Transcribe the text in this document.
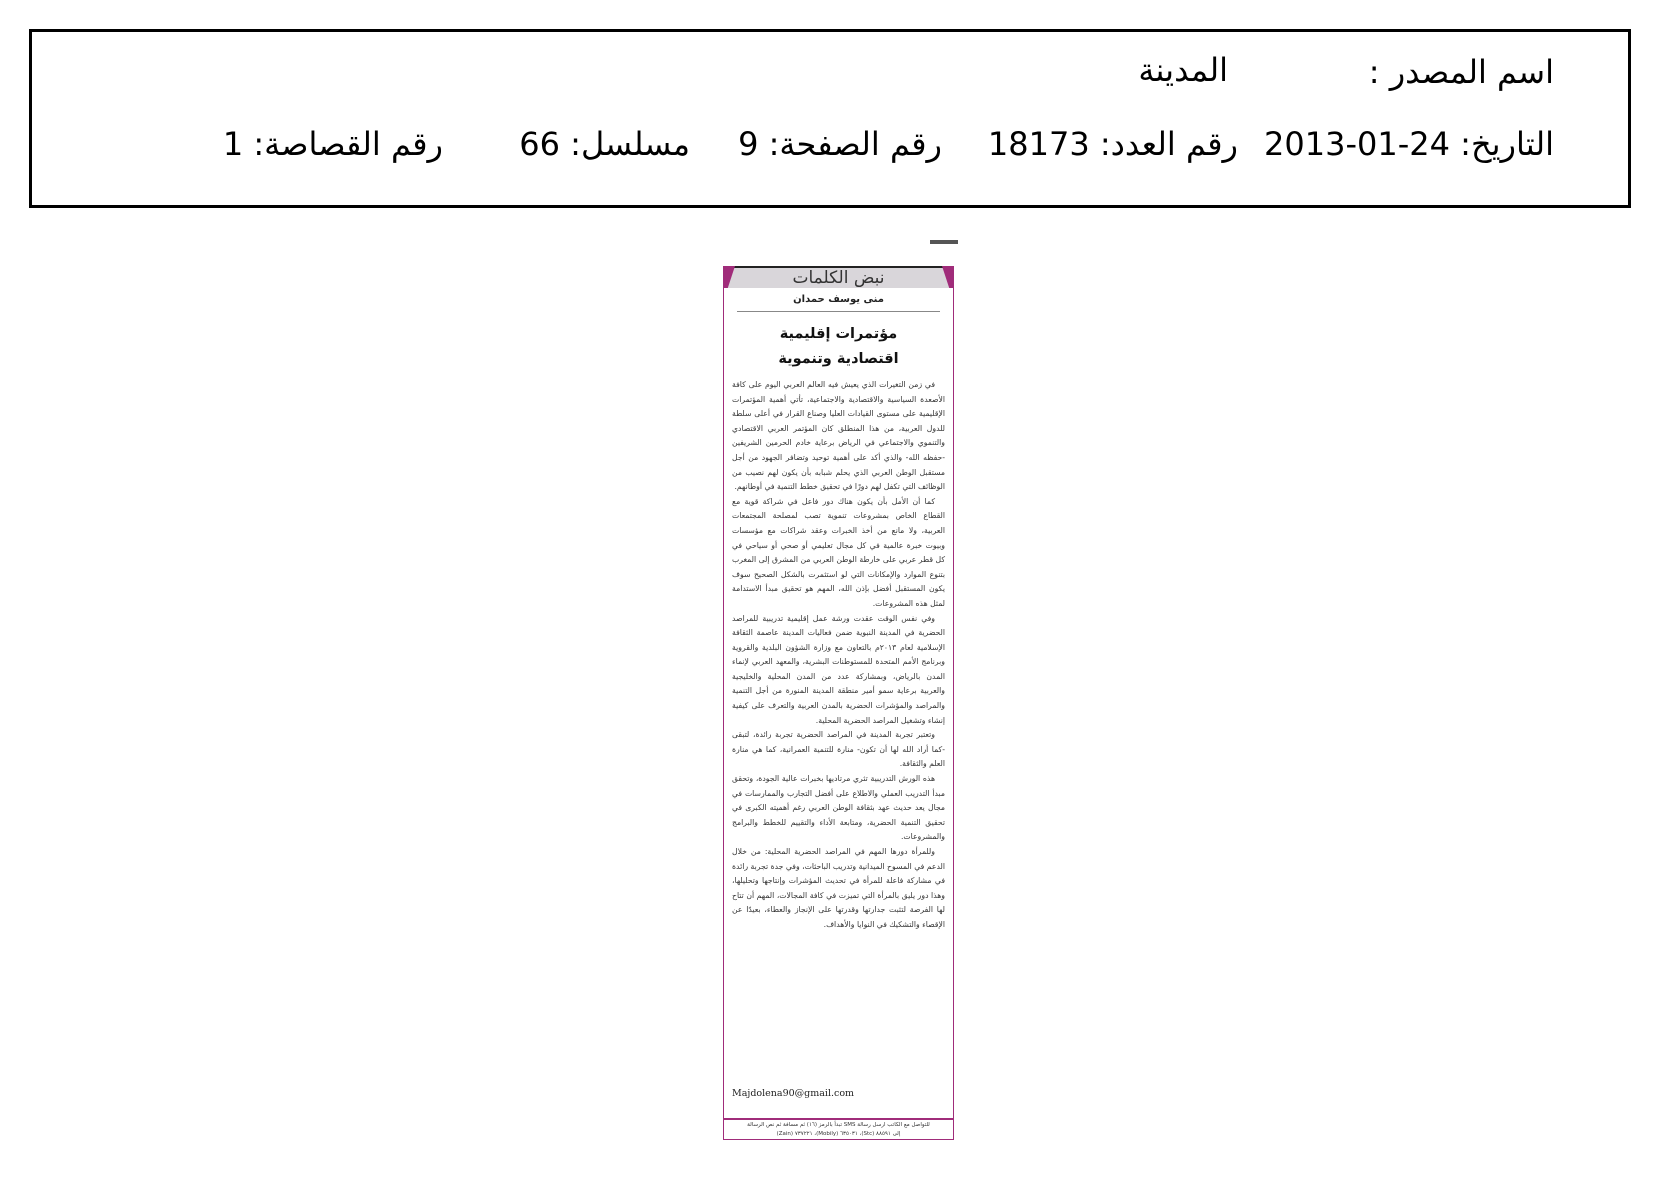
اسم المصدر :
المدينة
التاريخ: 24-01-2013
رقم العدد: 18173
رقم الصفحة: 9
مسلسل: 66
رقم القصاصة: 1
نبض الكلمات
منى يوسف حمدان
مؤتمرات إقليمية
اقتصادية وتنموية

في زمن التغيرات الذي يعيش فيه العالم العربي اليوم على كافة الأصعدة السياسية والاقتصادية والاجتماعية، تأتي أهمية المؤتمرات الإقليمية على مستوى القيادات العليا وصناع القرار في أعلى سلطة للدول العربية، من هذا المنطلق كان المؤتمر العربي الاقتصادي والتنموي والاجتماعي في الرياض برعاية خادم الحرمين الشريفين -حفظه الله- والذي أكد على أهمية توحيد وتضافر الجهود من أجل مستقبل الوطن العربي الذي يحلم شبابه بأن يكون لهم نصيب من الوظائف التي تكفل لهم دورًا في تحقيق خطط التنمية في أوطانهم.

كما أن الأمل بأن يكون هناك دور فاعل في شراكة قوية مع القطاع الخاص بمشروعات تنموية تصب لمصلحة المجتمعات العربية، ولا مانع من أخذ الخبرات وعقد شراكات مع مؤسسات وبيوت خبرة عالمية في كل مجال تعليمي أو صحي أو سياحي في كل قطر عربي على خارطة الوطن العربي من المشرق إلى المغرب بتنوع الموارد والإمكانات التي لو استثمرت بالشكل الصحيح سوف يكون المستقبل أفضل بإذن الله، المهم هو تحقيق مبدأ الاستدامة لمثل هذه المشروعات.

وفي نفس الوقت عقدت ورشة عمل إقليمية تدريبية للمراصد الحضرية في المدينة النبوية ضمن فعاليات المدينة عاصمة الثقافة الإسلامية لعام ٢٠١٣م بالتعاون مع وزارة الشؤون البلدية والقروية وبرنامج الأمم المتحدة للمستوطنات البشرية، والمعهد العربي لإنماء المدن بالرياض، وبمشاركة عدد من المدن المحلية والخليجية والعربية برعاية سمو أمير منطقة المدينة المنورة من أجل التنمية والمراصد والمؤشرات الحضرية بالمدن العربية والتعرف على كيفية إنشاء وتشغيل المراصد الحضرية المحلية.

وتعتبر تجربة المدينة في المراصد الحضرية تجربة رائدة، لتبقى -كما أراد الله لها أن تكون- منارة للتنمية العمرانية، كما هي منارة العلم والثقافة.

هذه الورش التدريبية تثري مرتاديها بخبرات عالية الجودة، وتحقق مبدأ التدريب العملي والاطلاع على أفضل التجارب والممارسات في مجال يعد حديث عهد بثقافة الوطن العربي رغم أهميته الكبرى في تحقيق التنمية الحضرية، ومتابعة الأداء والتقييم للخطط والبرامج والمشروعات.

وللمرأة دورها المهم في المراصد الحضرية المحلية: من خلال الدعم في المسوح الميدانية وتدريب الباحثات، وفي جدة تجربة رائدة في مشاركة فاعلة للمرأة في تحديث المؤشرات وإنتاجها وتحليلها، وهذا دور يليق بالمرأة التي تميزت في كافة المجالات، المهم أن تتاح لها الفرصة لتثبت جدارتها وقدرتها على الإنجاز والعطاء، بعيدًا عن الإقصاء والتشكيك في النوايا والأهداف.

Majdolena90@gmail.com
للتواصل مع الكاتب ارسل رسالة SMS تبدأ بالرمز (١٦) ثم مسافة ثم نص الرسالة
إلى ٨٨٥٩١ (Stc)، ٦٣٥٠٣١ (Mobily)، ٧٣٧٢٢١ (Zain)
